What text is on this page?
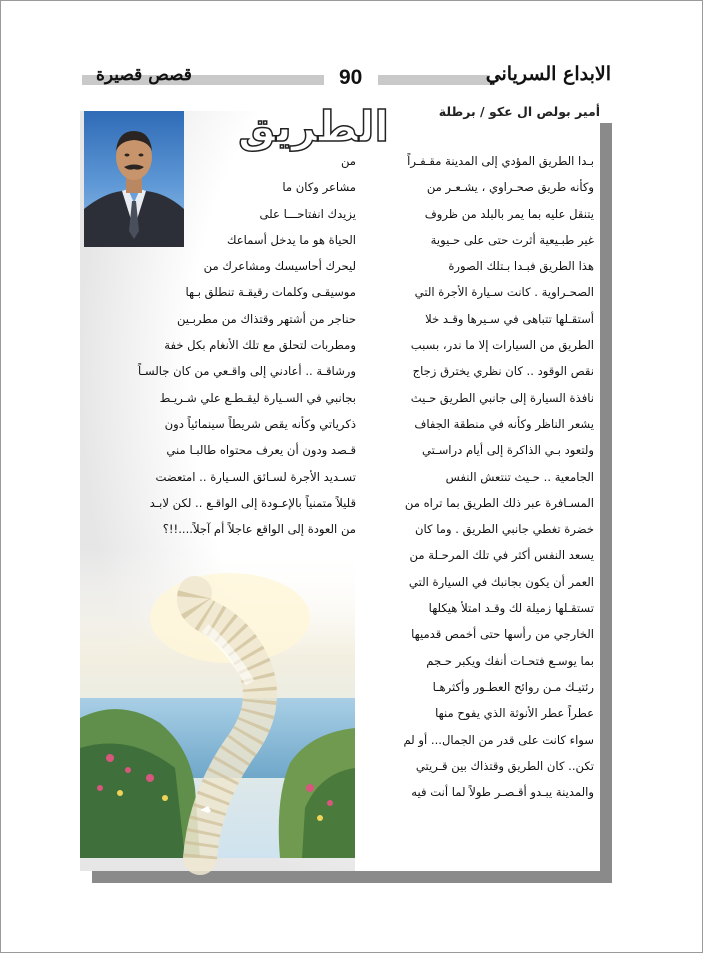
الابداع السرياني
90
قصص قصيرة
الطريق	أمير بولص ال عكو / برطلة
بـدا الطريق المؤدي إلى المدينة مقـفـراً
وكأنه طريق صحـراوي ، يشـعـر من
يتنقل عليه بما يمر بالبلد من ظروف
غير طبـيعية أثرت حتى على حـيوية
هذا الطريق فبـدا بـتلك الصورة
الصحـراوية . كانت سـيارة الأجرة التي
أستقـلها تتباهى في سـيرها وقـد خلا
الطريق من السيارات إلا ما ندر، بسبب
نقص الوقود .. كان نظري يخترق زجاج
نافذة السيارة إلى جانبي الطريق حـيث
يشعر الناظر وكأنه في منطقة الجفاف
ولتعود بـي الذاكرة إلى أيام دراسـتي
الجامعية .. حـيث تنتعش النفس
المسـافرة عبر ذلك الطريق بما تراه من
خضرة تغطي جانبي الطريق . وما كان
يسعد النفس أكثر في تلك المرحـلة من
العمر أن يكون بجانبك في السيارة التي
تستقـلها زميلة لك وقـد امتلأ هيكلها
الخارجي من رأسها حتى أخمص قدميها
بما يوسـع فتحـات أنفك ويكبر حـجم
رئتيـك مـن روائح العطـور وأكثرهـا
عطراً عطر الأنوثة الذي يفوح منها
سواء كانت على قدر من الجمال... أو لم
تكن.. كان الطريق وقتذاك بين قـريتي
والمدينة يبـدو أقـصـر طولاً لما أنت فيه
من
مشاعر وكان ما
يزيدك انفتاحـــا على
الحياة هو ما يدخل أسماعك
ليحرك أحاسيسك ومشاعرك من
موسيقـى وكلمات رقيقـة تنطلق بـها
حناجر من أشتهر وقتذاك من مطربـين
ومطربات لتحلق مع تلك الأنغام بكل خفة
ورشاقـة .. أعادني إلى واقـعي من كان جالسـاً
بجانبي في السـيارة ليقـطـع علي شـريـط
ذكرياتي وكأنه يقص شريطاً سينمائياً دون
قـصد ودون أن يعرف محتواه طالبـا مني
تسـديد الأجرة لسـائق السـيارة .. امتعضت
قليلاً متمنياً بالإعـودة إلى الواقـع .. لكن لابـد
من العودة إلى الواقع عاجلاً أم آجلاً....!!؟
